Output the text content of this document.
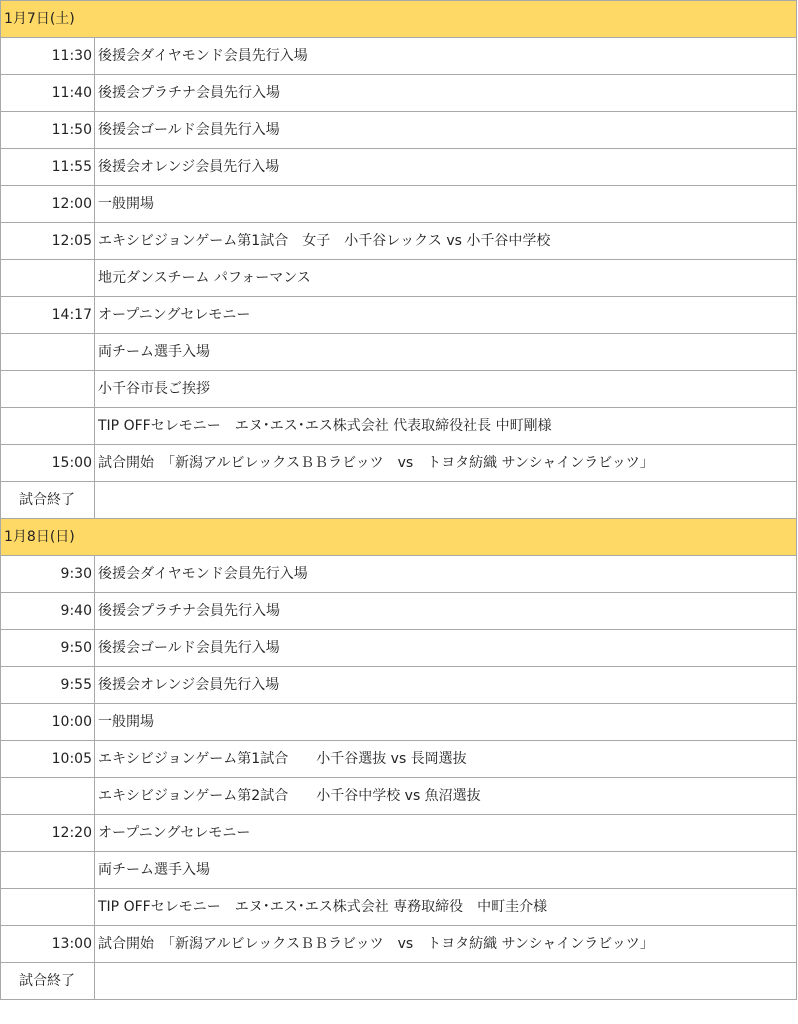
1月7日(土)	
11:30	後援会ダイヤモンド会員先行入場
11:40	後援会プラチナ会員先行入場
11:50	後援会ゴールド会員先行入場
11:55	後援会オレンジ会員先行入場
12:00	一般開場
12:05	エキシビジョンゲーム第1試合　女子　小千谷レックス vs 小千谷中学校
	地元ダンスチーム パフォーマンス
14:17	オープニングセレモニー
	両チーム選手入場
	小千谷市長ご挨拶
	TIP OFFセレモニー　エヌ･エス･エス株式会社 代表取締役社長 中町剛様
15:00	試合開始　「新潟アルビレックスＢＢラビッツ　vs　トヨタ紡織 サンシャインラビッツ」
試合終了	
1月8日(日)	
9:30	後援会ダイヤモンド会員先行入場
9:40	後援会プラチナ会員先行入場
9:50	後援会ゴールド会員先行入場
9:55	後援会オレンジ会員先行入場
10:00	一般開場
10:05	エキシビジョンゲーム第1試合　　小千谷選抜 vs 長岡選抜
	エキシビジョンゲーム第2試合　　小千谷中学校 vs 魚沼選抜
12:20	オープニングセレモニー
	両チーム選手入場
	TIP OFFセレモニー　エヌ･エス･エス株式会社 専務取締役　中町圭介様
13:00	試合開始　「新潟アルビレックスＢＢラビッツ　vs　トヨタ紡織 サンシャインラビッツ」
試合終了	
